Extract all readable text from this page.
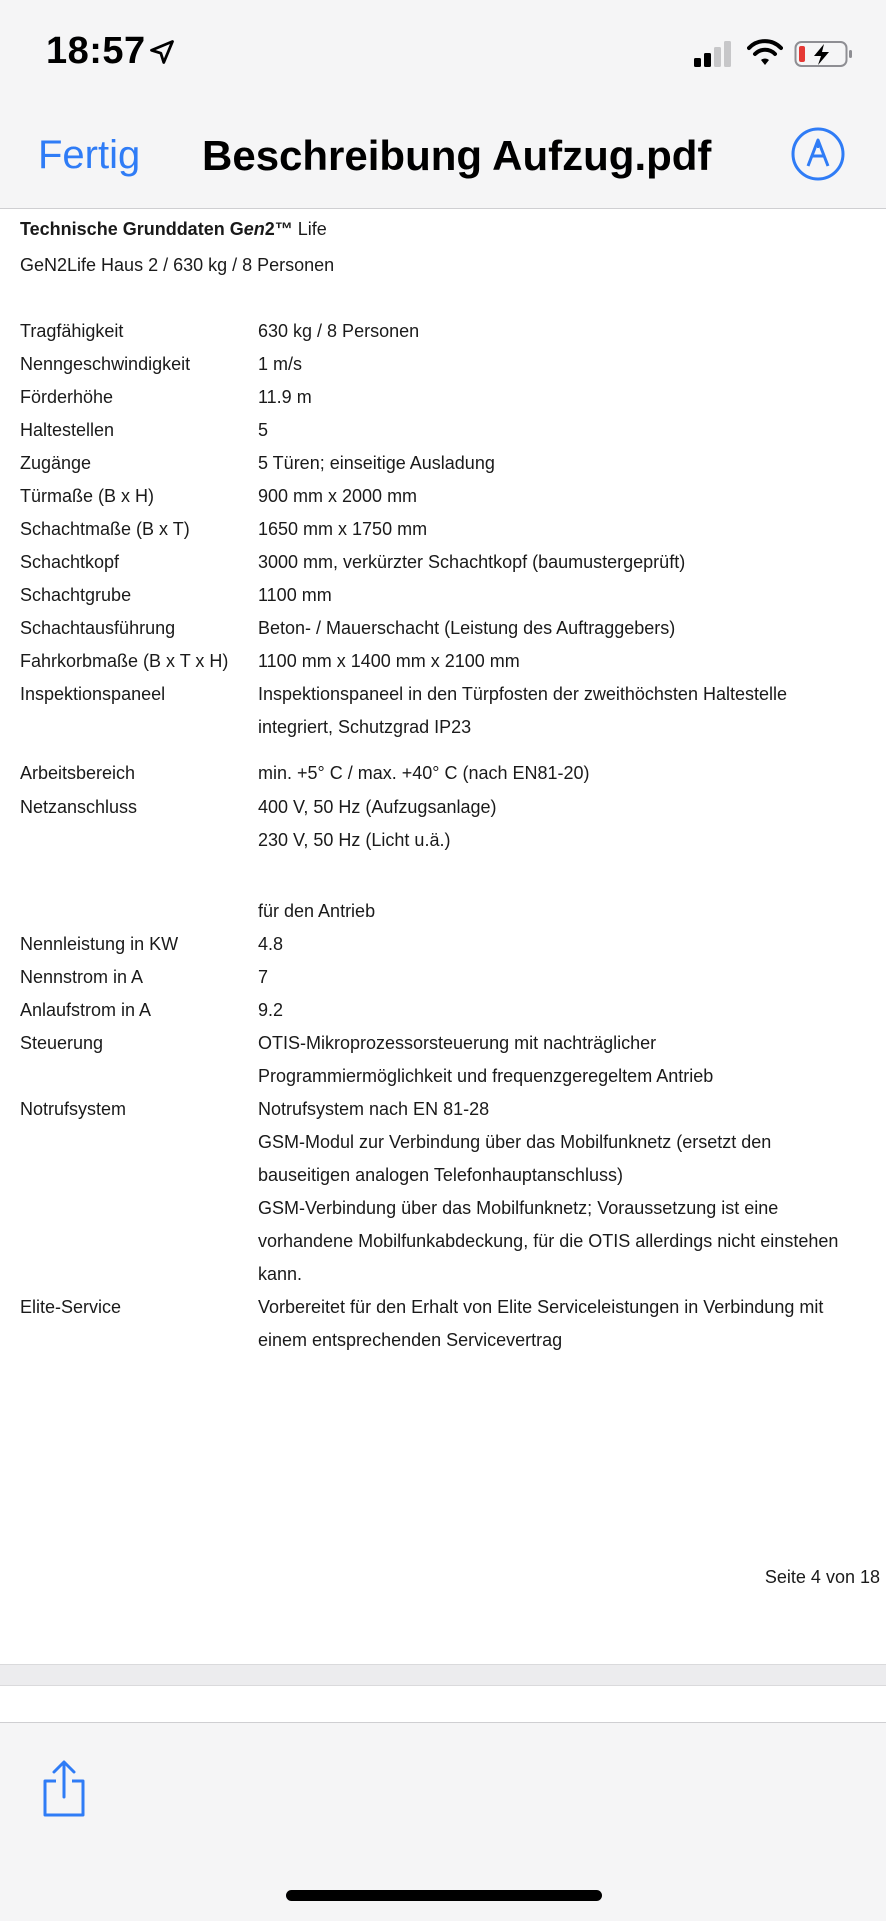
18:57
Fertig Beschreibung Aufzug.pdf
Technische Grunddaten Gen2™ Life
GeN2Life Haus 2 / 630 kg / 8 Personen
Tragfähigkeit	630 kg / 8 Personen
Nenngeschwindigkeit	1 m/s
Förderhöhe	11.9 m
Haltestellen	5
Zugänge	5 Türen; einseitige Ausladung
Türmaße (B x H)	900 mm x 2000 mm
Schachtmaße (B x T)	1650 mm x 1750 mm
Schachtkopf	3000 mm, verkürzter Schachtkopf (baumustergeprüft)
Schachtgrube	1100 mm
Schachtausführung	Beton- / Mauerschacht (Leistung des Auftraggebers)
Fahrkorbmaße (B x T x H) 1100 mm x 1400 mm x 2100 mm
Inspektionspaneel	Inspektionspaneel in den Türpfosten der zweithöchsten Haltestelle
integriert, Schutzgrad IP23
Arbeitsbereich	min. +5° C / max. +40° C (nach EN81-20)
Netzanschluss	400 V, 50 Hz (Aufzugsanlage)
230 V, 50 Hz (Licht u.ä.)
für den Antrieb
Nennleistung in KW	4.8
Nennstrom in A	7
Anlaufstrom in A	9.2
Steuerung	OTIS-Mikroprozessorsteuerung mit nachträglicher
Programmiermöglichkeit und frequenzgeregeltem Antrieb
Notrufsystem	Notrufsystem nach EN 81-28
GSM-Modul zur Verbindung über das Mobilfunknetz (ersetzt den
bauseitigen analogen Telefonhauptanschluss)
GSM-Verbindung über das Mobilfunknetz; Voraussetzung ist eine
vorhandene Mobilfunkabdeckung, für die OTIS allerdings nicht einstehen
kann.
Elite-Service	Vorbereitet für den Erhalt von Elite Serviceleistungen in Verbindung mit
einem entsprechenden Servicevertrag
Seite 4 von 18
